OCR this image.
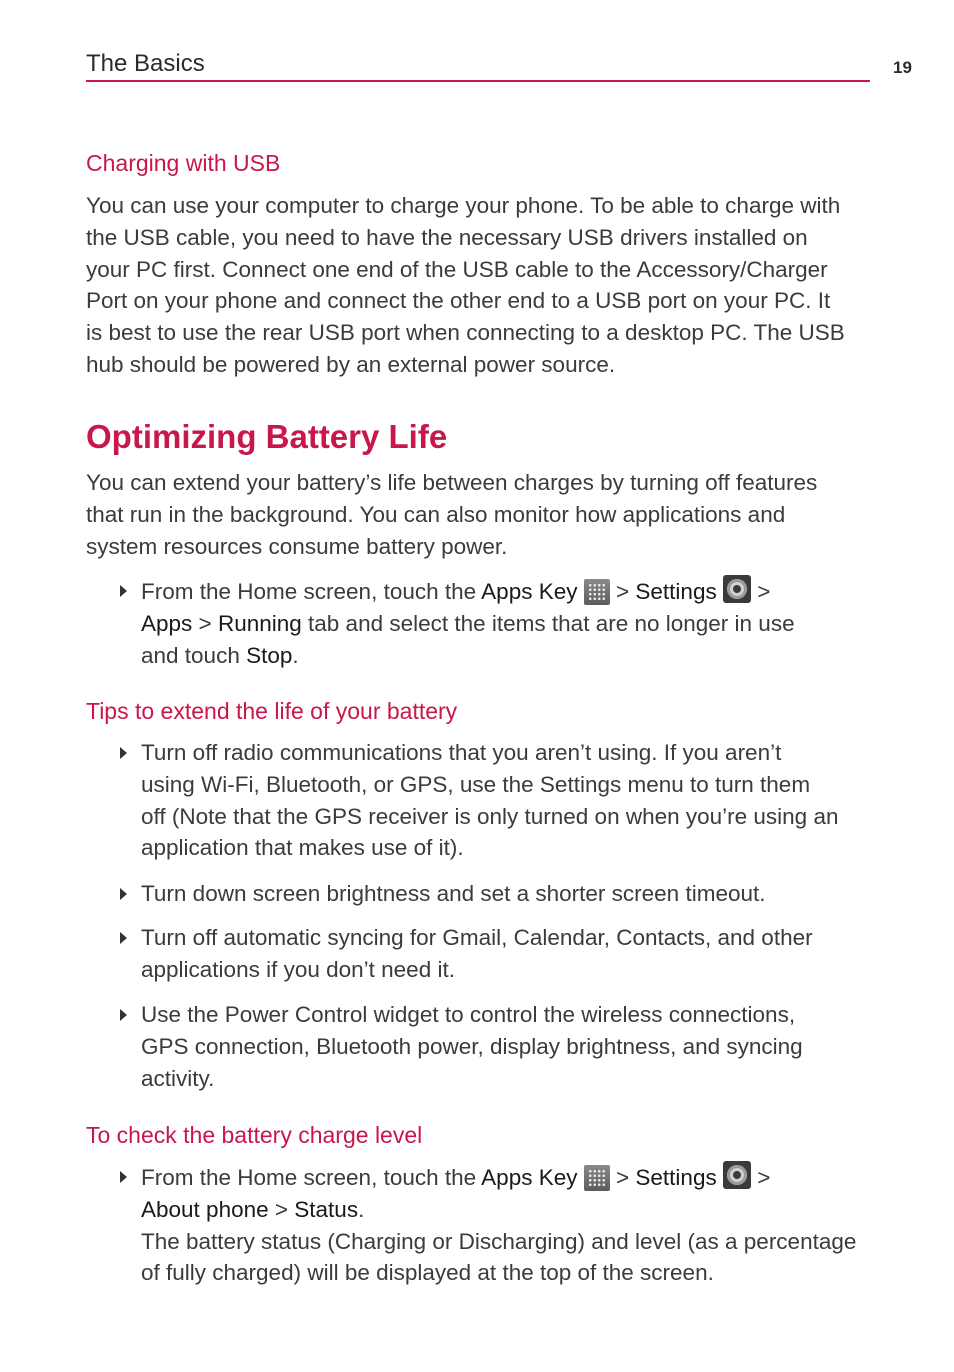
The Basics	19
Charging with USB
You can use your computer to charge your phone. To be able to charge with
the USB cable, you need to have the necessary USB drivers installed on
your PC first. Connect one end of the USB cable to the Accessory/Charger
Port on your phone and connect the other end to a USB port on your PC. It
is best to use the rear USB port when connecting to a desktop PC. The USB
hub should be powered by an external power source.
Optimizing Battery Life
You can extend your battery’s life between charges by turning off features
that run in the background. You can also monitor how applications and
system resources consume battery power.
From the Home screen, touch the Apps Key  > Settings  >
Apps > Running tab and select the items that are no longer in use
and touch Stop.
Tips to extend the life of your battery
Turn off radio communications that you aren’t using. If you aren’t
using Wi-Fi, Bluetooth, or GPS, use the Settings menu to turn them
off (Note that the GPS receiver is only turned on when you’re using an
application that makes use of it).
Turn down screen brightness and set a shorter screen timeout.
Turn off automatic syncing for Gmail, Calendar, Contacts, and other
applications if you don’t need it.
Use the Power Control widget to control the wireless connections,
GPS connection, Bluetooth power, display brightness, and syncing
activity.
To check the battery charge level
From the Home screen, touch the Apps Key  > Settings  >
About phone > Status.
The battery status (Charging or Discharging) and level (as a percentage
of fully charged) will be displayed at the top of the screen.
